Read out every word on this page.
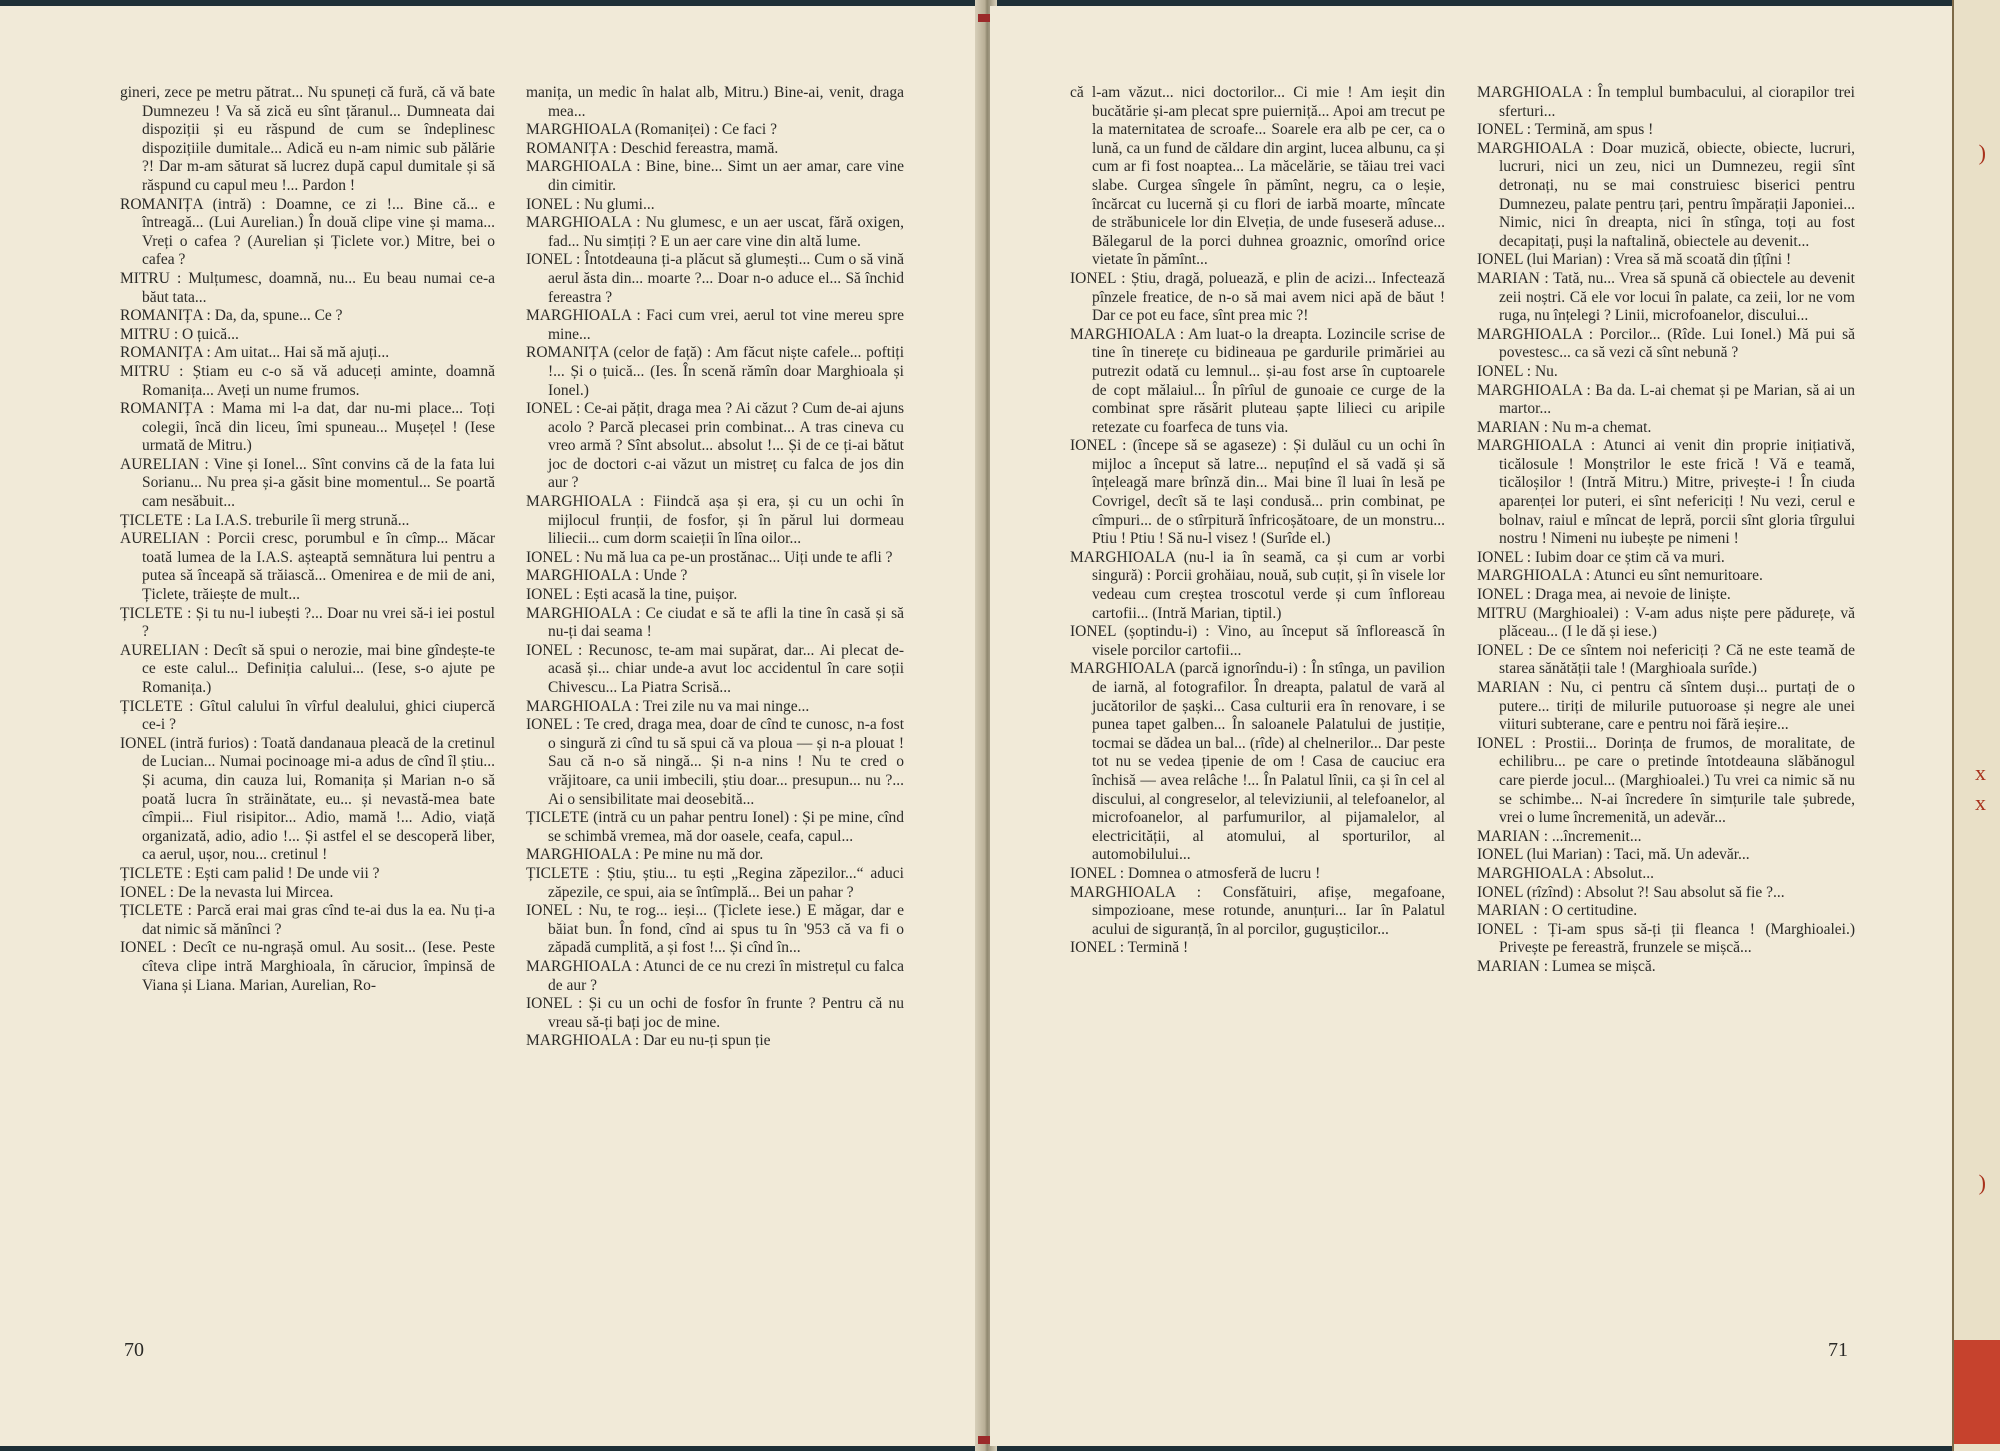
gineri, zece pe metru pătrat... Nu spuneți că fură, că vă bate Dumnezeu ! Va să zică eu sînt țăranul... Dumneata dai dispoziții și eu răspund de cum se îndeplinesc dispozițiile dumitale... Adică eu n-am nimic sub pălărie ?! Dar m-am săturat să lucrez după capul dumitale și să răspund cu capul meu !... Pardon !

ROMANIȚA (intră) : Doamne, ce zi !... Bine că... e întreagă... (Lui Aurelian.) În două clipe vine și mama... Vreți o cafea ? (Aurelian și Țiclete vor.) Mitre, bei o cafea ?

MITRU : Mulțumesc, doamnă, nu... Eu beau numai ce-a băut tata...

ROMANIȚA : Da, da, spune... Ce ?

MITRU : O țuică...

ROMANIȚA : Am uitat... Hai să mă ajuți...

MITRU : Știam eu c-o să vă aduceți aminte, doamnă Romanița... Aveți un nume frumos.

ROMANIȚA : Mama mi l-a dat, dar nu-mi place... Toți colegii, încă din liceu, îmi spuneau... Mușețel ! (Iese urmată de Mitru.)

AURELIAN : Vine și Ionel... Sînt convins că de la fata lui Sorianu... Nu prea și-a găsit bine momentul... Se poartă cam nesăbuit...

ȚICLETE : La I.A.S. treburile îi merg strună...

AURELIAN : Porcii cresc, porumbul e în cîmp... Măcar toată lumea de la I.A.S. așteaptă semnătura lui pentru a putea să înceapă să trăiască... Omenirea e de mii de ani, Țiclete, trăiește de mult...

ȚICLETE : Și tu nu-l iubești ?... Doar nu vrei să-i iei postul ?

AURELIAN : Decît să spui o nerozie, mai bine gîndește-te ce este calul... Definiția calului... (Iese, s-o ajute pe Romanița.)

ȚICLETE : Gîtul calului în vîrful dealului, ghici ciupercă ce-i ?

IONEL (intră furios) : Toată dandanaua pleacă de la cretinul de Lucian... Numai pocinoage mi-a adus de cînd îl știu... Și acuma, din cauza lui, Romanița și Marian n-o să poată lucra în străinătate, eu... și nevastă-mea bate cîmpii... Fiul risipitor... Adio, mamă !... Adio, viață organizată, adio, adio !... Și astfel el se descoperă liber, ca aerul, ușor, nou... cretinul !

ȚICLETE : Ești cam palid ! De unde vii ?

IONEL : De la nevasta lui Mircea.

ȚICLETE : Parcă erai mai gras cînd te-ai dus la ea. Nu ți-a dat nimic să mănînci ?

IONEL : Decît ce nu-ngrașă omul. Au sosit... (Iese. Peste cîteva clipe intră Marghioala, în cărucior, împinsă de Viana și Liana. Marian, Aurelian, Ro-

manița, un medic în halat alb, Mitru.) Bine-ai, venit, draga mea...

MARGHIOALA (Romaniței) : Ce faci ?

ROMANIȚA : Deschid fereastra, mamă.

MARGHIOALA : Bine, bine... Simt un aer amar, care vine din cimitir.

IONEL : Nu glumi...

MARGHIOALA : Nu glumesc, e un aer uscat, fără oxigen, fad... Nu simțiți ? E un aer care vine din altă lume.

IONEL : Întotdeauna ți-a plăcut să glumești... Cum o să vină aerul ăsta din... moarte ?... Doar n-o aduce el... Să închid fereastra ?

MARGHIOALA : Faci cum vrei, aerul tot vine mereu spre mine...

ROMANIȚA (celor de față) : Am făcut niște cafele... poftiți !... Și o țuică... (Ies. În scenă rămîn doar Marghioala și Ionel.)

IONEL : Ce-ai pățit, draga mea ? Ai căzut ? Cum de-ai ajuns acolo ? Parcă plecasei prin combinat... A tras cineva cu vreo armă ? Sînt absolut... absolut !... Și de ce ți-ai bătut joc de doctori c-ai văzut un mistreț cu falca de jos din aur ?

MARGHIOALA : Fiindcă așa și era, și cu un ochi în mijlocul frunții, de fosfor, și în părul lui dormeau liliecii... cum dorm scaieții în lîna oilor...

IONEL : Nu mă lua ca pe-un prostănac... Uiți unde te afli ?

MARGHIOALA : Unde ?

IONEL : Ești acasă la tine, puișor.

MARGHIOALA : Ce ciudat e să te afli la tine în casă și să nu-ți dai seama !

IONEL : Recunosc, te-am mai supărat, dar... Ai plecat de-acasă și... chiar unde-a avut loc accidentul în care soții Chivescu... La Piatra Scrisă...

MARGHIOALA : Trei zile nu va mai ninge...

IONEL : Te cred, draga mea, doar de cînd te cunosc, n-a fost o singură zi cînd tu să spui că va ploua — și n-a plouat ! Sau că n-o să ningă... Și n-a nins ! Nu te cred o vrăjitoare, ca unii imbecili, știu doar... presupun... nu ?... Ai o sensibilitate mai deosebită...

ȚICLETE (intră cu un pahar pentru Ionel) : Și pe mine, cînd se schimbă vremea, mă dor oasele, ceafa, capul...

MARGHIOALA : Pe mine nu mă dor.

ȚICLETE : Știu, știu... tu ești „Regina zăpezilor...“ aduci zăpezile, ce spui, aia se întîmplă... Bei un pahar ?

IONEL : Nu, te rog... ieși... (Țiclete iese.) E măgar, dar e băiat bun. În fond, cînd ai spus tu în '953 că va fi o zăpadă cumplită, a și fost !... Și cînd în...

MARGHIOALA : Atunci de ce nu crezi în mistrețul cu falca de aur ?

IONEL : Și cu un ochi de fosfor în frunte ? Pentru că nu vreau să-ți bați joc de mine.

MARGHIOALA : Dar eu nu-ți spun ție

70

că l-am văzut... nici doctorilor... Ci mie ! Am ieșit din bucătărie și-am plecat spre puierniță... Apoi am trecut pe la maternitatea de scroafe... Soarele era alb pe cer, ca o lună, ca un fund de căldare din argint, lucea albunu, ca și cum ar fi fost noaptea... La măcelărie, se tăiau trei vaci slabe. Curgea sîngele în pămînt, negru, ca o leșie, încărcat cu lucernă și cu flori de iarbă moarte, mîncate de străbunicele lor din Elveția, de unde fuseseră aduse... Bălegarul de la porci duhnea groaznic, omorînd orice vietate în pămînt...

IONEL : Știu, dragă, poluează, e plin de acizi... Infectează pînzele freatice, de n-o să mai avem nici apă de băut ! Dar ce pot eu face, sînt prea mic ?!

MARGHIOALA : Am luat-o la dreapta. Lozincile scrise de tine în tinerețe cu bidineaua pe gardurile primăriei au putrezit odată cu lemnul... și-au fost arse în cuptoarele de copt mălaiul... În pîrîul de gunoaie ce curge de la combinat spre răsărit pluteau șapte lilieci cu aripile retezate cu foarfeca de tuns via.

IONEL : (începe să se agaseze) : Și dulăul cu un ochi în mijloc a început să latre... nepuțînd el să vadă și să înțeleagă mare brînză din... Mai bine îl luai în lesă pe Covrigel, decît să te lași condusă... prin combinat, pe cîmpuri... de o stîrpitură înfricoșătoare, de un monstru... Ptiu ! Ptiu ! Să nu-l visez ! (Surîde el.)

MARGHIOALA (nu-l ia în seamă, ca și cum ar vorbi singură) : Porcii grohăiau, nouă, sub cuțit, și în visele lor vedeau cum creștea troscotul verde și cum înfloreau cartofii... (Intră Marian, tiptil.)

IONEL (șoptindu-i) : Vino, au început să înflorească în visele porcilor cartofii...

MARGHIOALA (parcă ignorîndu-i) : În stînga, un pavilion de iarnă, al fotografilor. În dreapta, palatul de vară al jucătorilor de șașki... Casa culturii era în renovare, i se punea tapet galben... În saloanele Palatului de justiție, tocmai se dădea un bal... (rîde) al chelnerilor... Dar peste tot nu se vedea țipenie de om ! Casa de cauciuc era închisă — avea relâche !... În Palatul lînii, ca și în cel al discului, al congreselor, al televiziunii, al telefoanelor, al microfoanelor, al parfumurilor, al pijamalelor, al electricității, al atomului, al sporturilor, al automobilului...

IONEL : Domnea o atmosferă de lucru !

MARGHIOALA : Consfătuiri, afișe, megafoane, simpozioane, mese rotunde, anunțuri... Iar în Palatul acului de siguranță, în al porcilor, gugușticilor...

IONEL : Termină !

MARGHIOALA : În templul bumbacului, al ciorapilor trei sferturi...

IONEL : Termină, am spus !

MARGHIOALA : Doar muzică, obiecte, obiecte, lucruri, lucruri, nici un zeu, nici un Dumnezeu, regii sînt detronați, nu se mai construiesc biserici pentru Dumnezeu, palate pentru țari, pentru împărații Japoniei... Nimic, nici în dreapta, nici în stînga, toți au fost decapitați, puși la naftalină, obiectele au devenit...

IONEL (lui Marian) : Vrea să mă scoată din țîțîni !

MARIAN : Tată, nu... Vrea să spună că obiectele au devenit zeii noștri. Că ele vor locui în palate, ca zeii, lor ne vom ruga, nu înțelegi ? Linii, microfoanelor, discului...

MARGHIOALA : Porcilor... (Rîde. Lui Ionel.) Mă pui să povestesc... ca să vezi că sînt nebună ?

IONEL : Nu.

MARGHIOALA : Ba da. L-ai chemat și pe Marian, să ai un martor...

MARIAN : Nu m-a chemat.

MARGHIOALA : Atunci ai venit din proprie inițiativă, ticălosule ! Monștrilor le este frică ! Vă e teamă, ticăloșilor ! (Intră Mitru.) Mitre, privește-i ! În ciuda aparenței lor puteri, ei sînt nefericiți ! Nu vezi, cerul e bolnav, raiul e mîncat de lepră, porcii sînt gloria tîrgului nostru ! Nimeni nu iubește pe nimeni !

IONEL : Iubim doar ce știm că va muri.

MARGHIOALA : Atunci eu sînt nemuritoare.

IONEL : Draga mea, ai nevoie de liniște.

MITRU (Marghioalei) : V-am adus niște pere pădurețe, vă plăceau... (I le dă și iese.)

IONEL : De ce sîntem noi nefericiți ? Că ne este teamă de starea sănătății tale ! (Marghioala surîde.)

MARIAN : Nu, ci pentru că sîntem duși... purtați de o putere... tiriți de milurile putuoroase și negre ale unei viituri subterane, care e pentru noi fără ieșire...

IONEL : Prostii... Dorința de frumos, de moralitate, de echilibru... pe care o pretinde întotdeauna slăbănogul care pierde jocul... (Marghioalei.) Tu vrei ca nimic să nu se schimbe... N-ai încredere în simțurile tale șubrede, vrei o lume încremenită, un adevăr...

MARIAN : ...încremenit...

IONEL (lui Marian) : Taci, mă. Un adevăr...

MARGHIOALA : Absolut...

IONEL (rîzînd) : Absolut ?! Sau absolut să fie ?...

MARIAN : O certitudine.

IONEL : Ți-am spus să-ți ții fleanca ! (Marghioalei.) Privește pe fereastră, frunzele se mișcă...

MARIAN : Lumea se mișcă.

71
)
x
x
)
